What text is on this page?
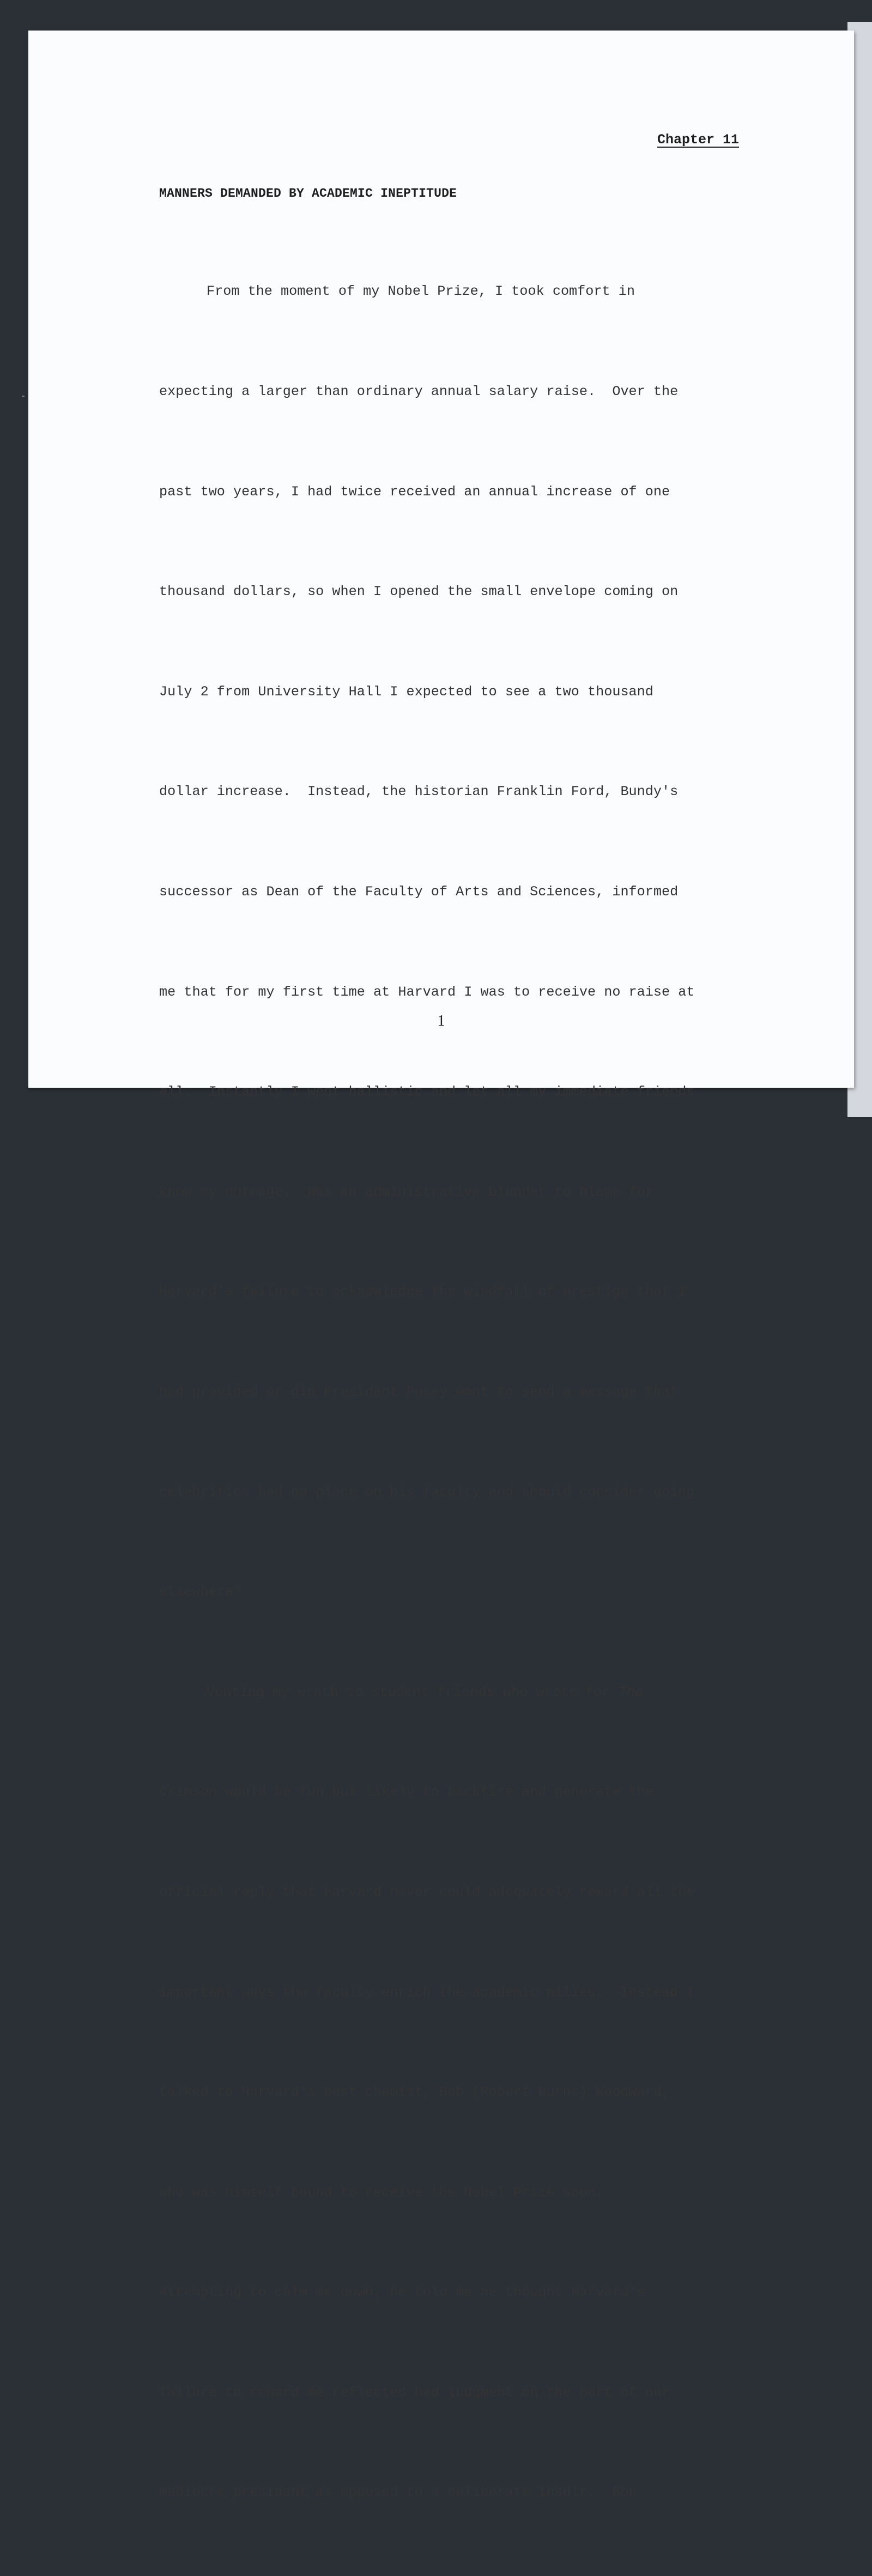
Chapter 11
MANNERS DEMANDED BY ACADEMIC INEPTITUDE

From the moment of my Nobel Prize, I took comfort in

expecting a larger than ordinary annual salary raise.  Over the

past two years, I had twice received an annual increase of one

thousand dollars, so when I opened the small envelope coming on

July 2 from University Hall I expected to see a two thousand

dollar increase.  Instead, the historian Franklin Ford, Bundy's

successor as Dean of the Faculty of Arts and Sciences, informed

me that for my first time at Harvard I was to receive no raise at

all.  Instantly I went ballistic and let all my immediate friends

know my outrage.  Was an administrative blunder to blame for

Harvard’s failure to acknowledge the windfall of prestige that I

had provided or did President Pusey want to send a message that

celebrities had no place on his faculty and should consider going

elsewhere?

Venting my wrath to student friends who wrote for The

Crimson would be fun but likely to backfire and generate the

official reply that Harvard never could adequately reward all the

important ways the faculty enrich the academic milieu.  Instead I

talked to Harvard's best chemist, Bob (Robert Burns) Woodward,

who was himself bound to receive the Nobel Prize soon.

Attempting to calm me down, he told me he thought Harvard’s

failure to reward me reflected bad judgment on the part of our

mediocre president as opposed to a deliberate insult.  Bob

1
